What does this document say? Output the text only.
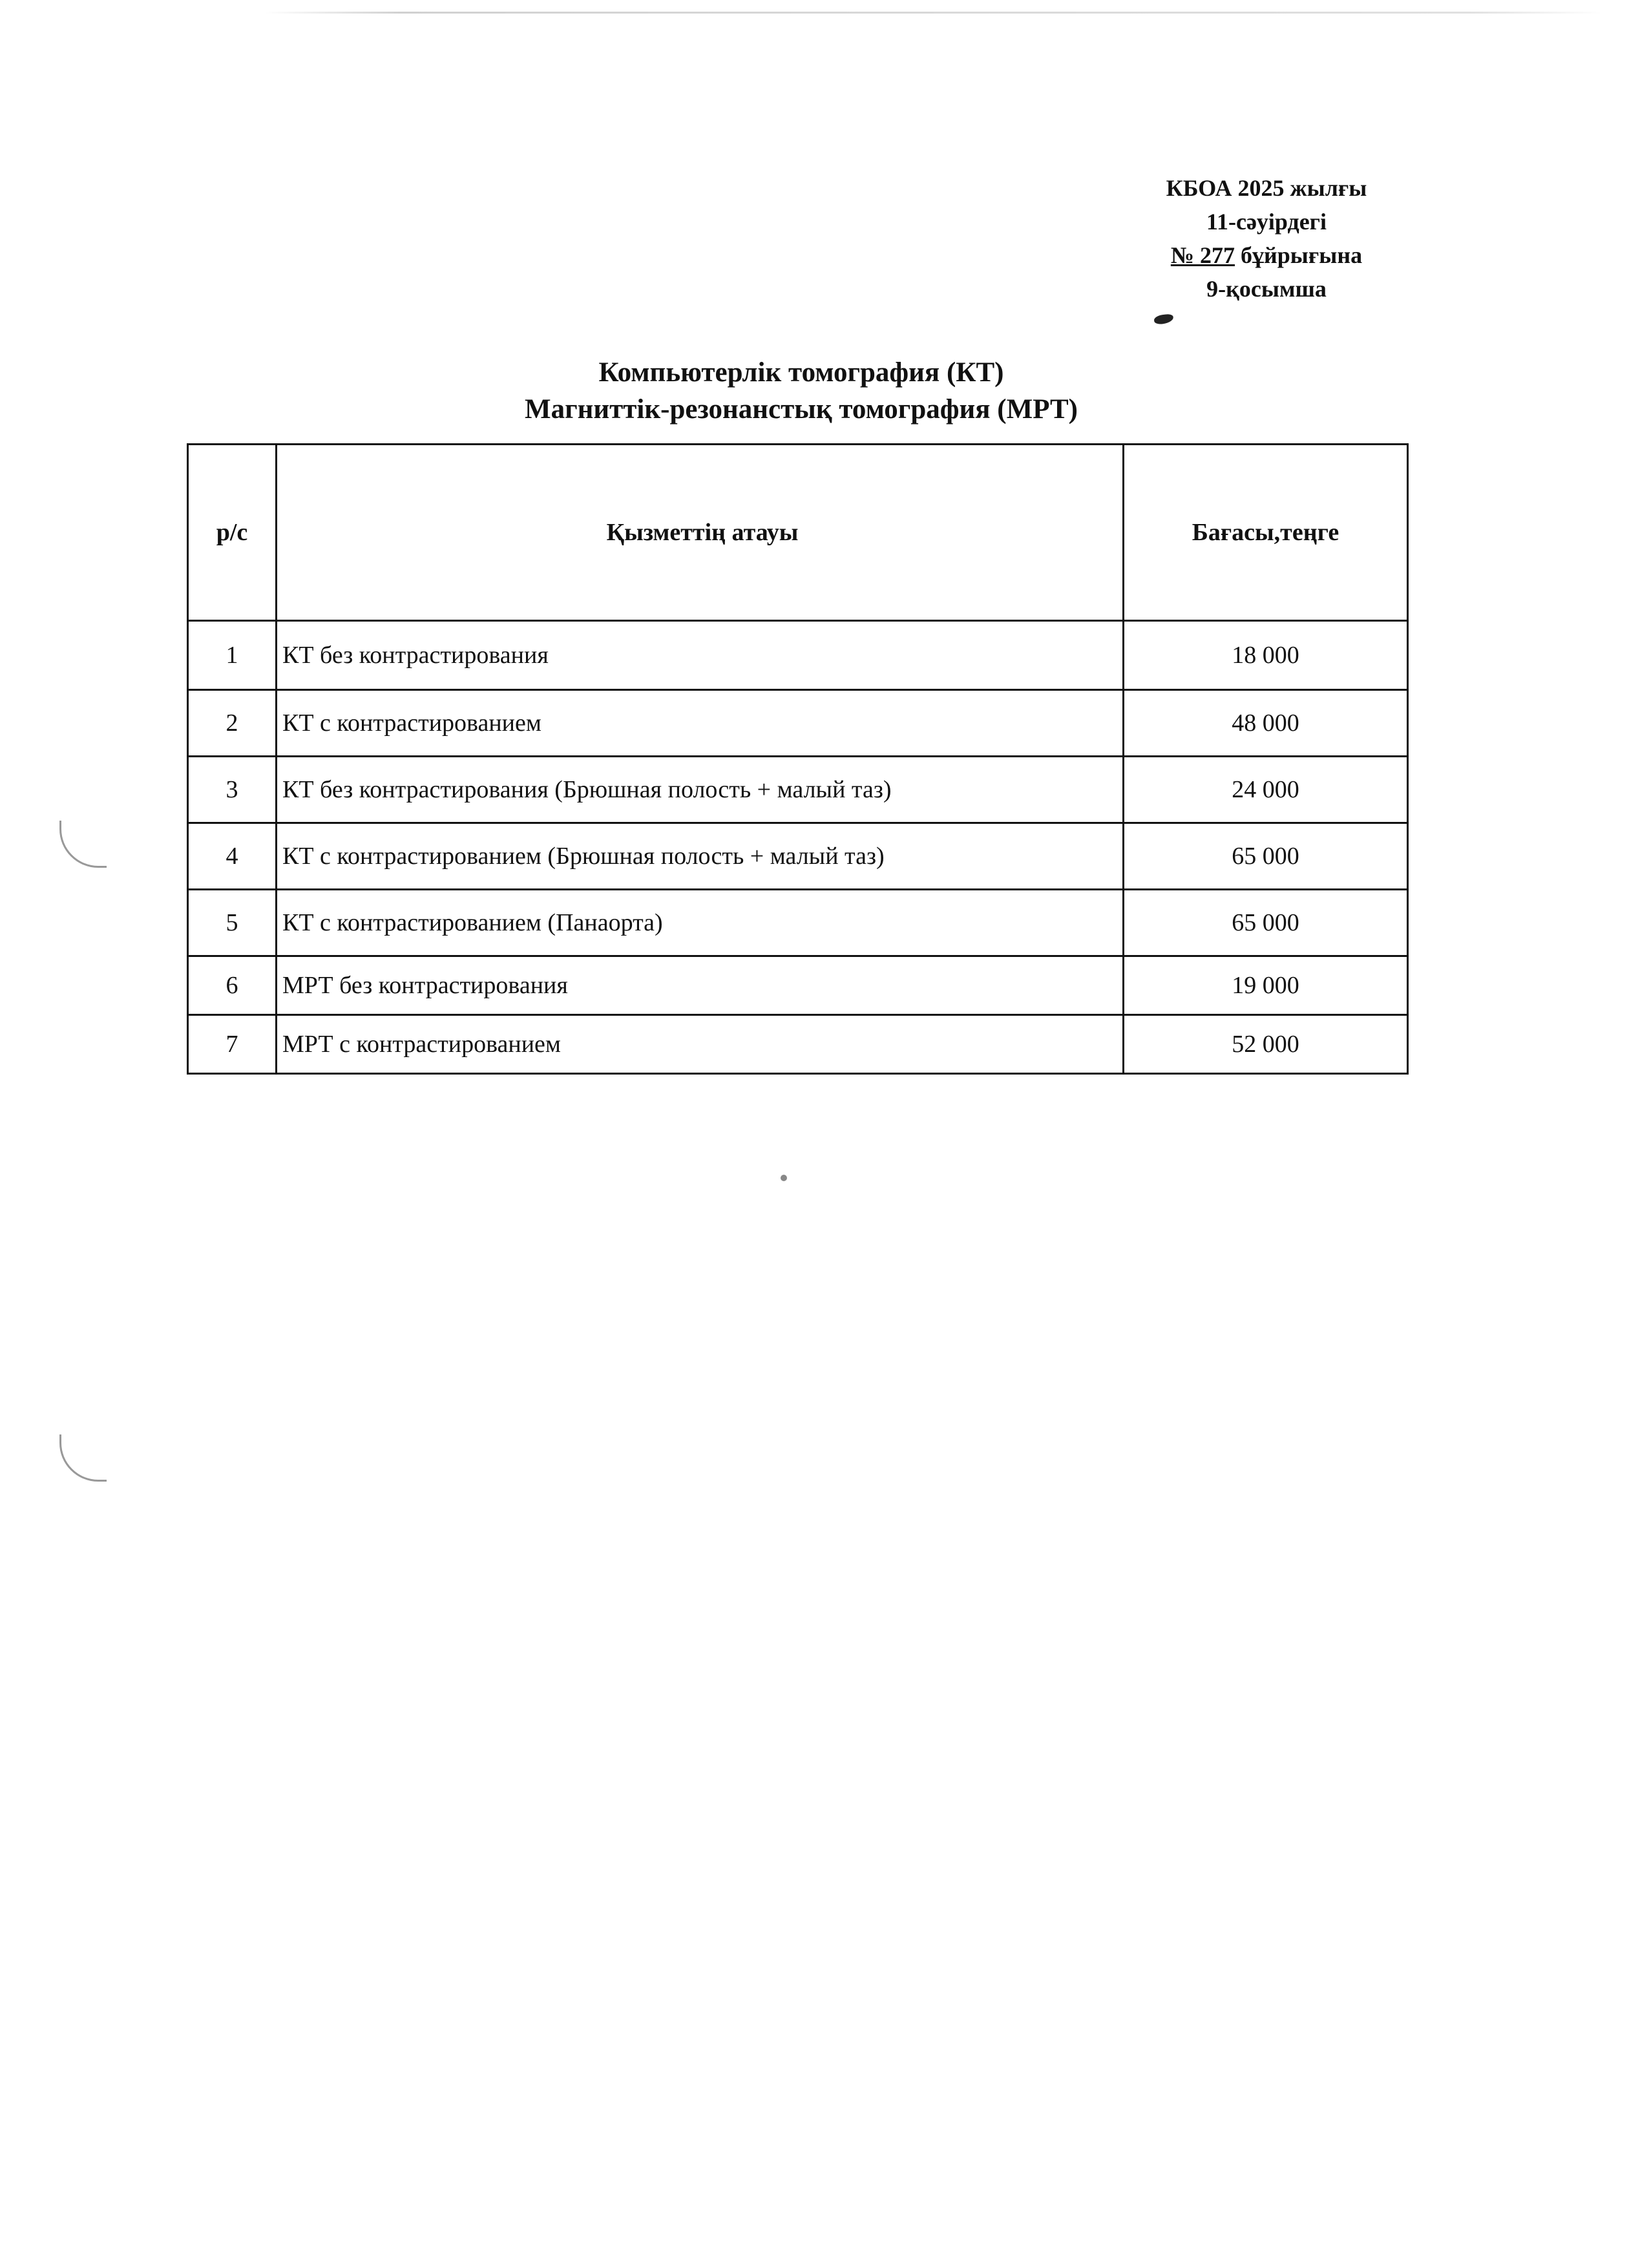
КБОА 2025 жылғы
11-сәуірдегі
№ 277 бұйрығына
9-қосымша
Компьютерлік томография (КТ)
Магниттік-резонанстық томография (МРТ)
р/с	Қызметтің атауы	Бағасы,теңге
1	КТ без контрастирования	18 000
2	КТ с контрастированием	48 000
3	КТ без контрастирования (Брюшная полость + малый таз)	24 000
4	КТ с контрастированием (Брюшная полость + малый таз)	65 000
5	КТ с контрастированием (Панаорта)	65 000
6	МРТ без контрастирования	19 000
7	МРТ с контрастированием	52 000
